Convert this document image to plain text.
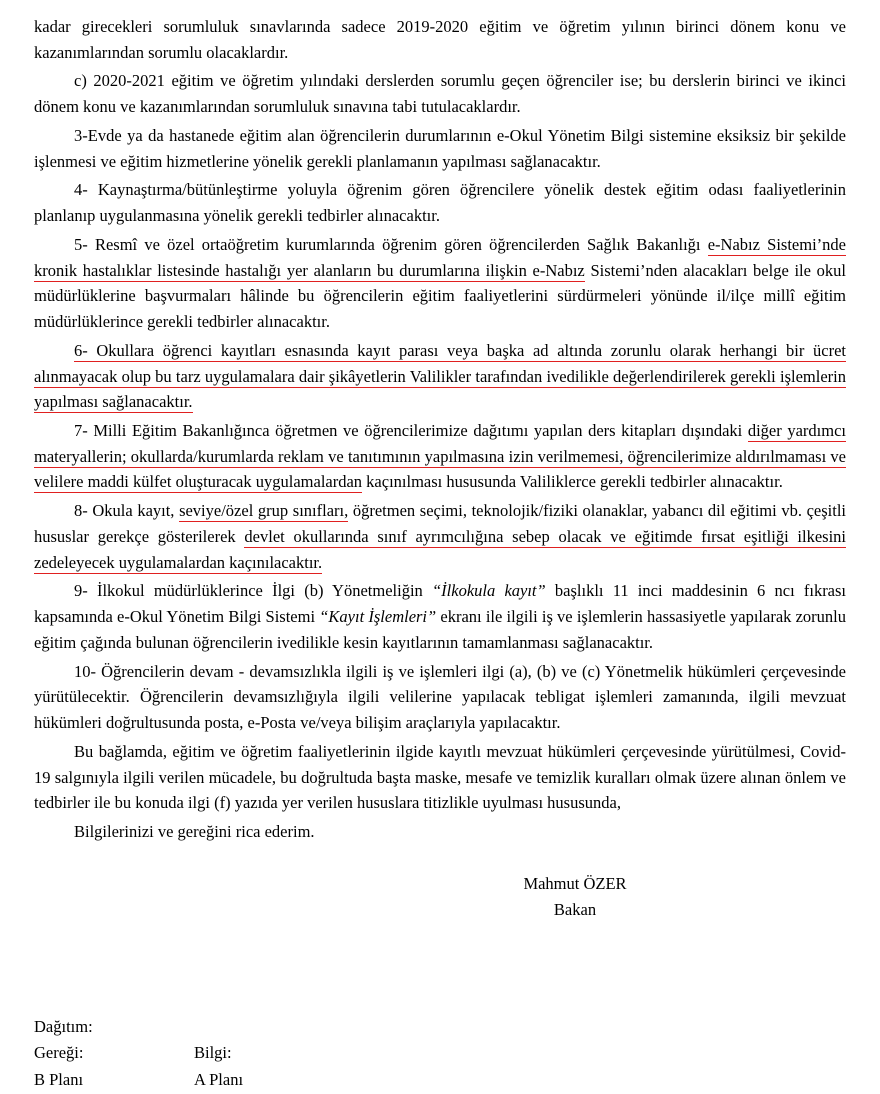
kadar girecekleri sorumluluk sınavlarında sadece 2019-2020 eğitim ve öğretim yılının birinci dönem konu ve kazanımlarından sorumlu olacaklardır.

c) 2020-2021 eğitim ve öğretim yılındaki derslerden sorumlu geçen öğrenciler ise; bu derslerin birinci ve ikinci dönem konu ve kazanımlarından sorumluluk sınavına tabi tutulacaklardır.

3-Evde ya da hastanede eğitim alan öğrencilerin durumlarının e-Okul Yönetim Bilgi sistemine eksiksiz bir şekilde işlenmesi ve eğitim hizmetlerine yönelik gerekli planlamanın yapılması sağlanacaktır.

4- Kaynaştırma/bütünleştirme yoluyla öğrenim gören öğrencilere yönelik destek eğitim odası faaliyetlerinin planlanıp uygulanmasına yönelik gerekli tedbirler alınacaktır.

5- Resmî ve özel ortaöğretim kurumlarında öğrenim gören öğrencilerden Sağlık Bakanlığı e-Nabız Sistemi’nde kronik hastalıklar listesinde hastalığı yer alanların bu durumlarına ilişkin e-Nabız Sistemi’nden alacakları belge ile okul müdürlüklerine başvurmaları hâlinde bu öğrencilerin eğitim faaliyetlerini sürdürmeleri yönünde il/ilçe millî eğitim müdürlüklerince gerekli tedbirler alınacaktır.

6- Okullara öğrenci kayıtları esnasında kayıt parası veya başka ad altında zorunlu olarak herhangi bir ücret alınmayacak olup bu tarz uygulamalara dair şikâyetlerin Valilikler tarafından ivedilikle değerlendirilerek gerekli işlemlerin yapılması sağlanacaktır.

7- Milli Eğitim Bakanlığınca öğretmen ve öğrencilerimize dağıtımı yapılan ders kitapları dışındaki diğer yardımcı materyallerin; okullarda/kurumlarda reklam ve tanıtımının yapılmasına izin verilmemesi, öğrencilerimize aldırılmaması ve velilere maddi külfet oluşturacak uygulamalardan kaçınılması hususunda Valiliklerce gerekli tedbirler alınacaktır.

8- Okula kayıt, seviye/özel grup sınıfları, öğretmen seçimi, teknolojik/fiziki olanaklar, yabancı dil eğitimi vb. çeşitli hususlar gerekçe gösterilerek devlet okullarında sınıf ayrımcılığına sebep olacak ve eğitimde fırsat eşitliği ilkesini zedeleyecek uygulamalardan kaçınılacaktır.

9- İlkokul müdürlüklerince İlgi (b) Yönetmeliğin “İlkokula kayıt” başlıklı 11 inci maddesinin 6 ncı fıkrası kapsamında e-Okul Yönetim Bilgi Sistemi “Kayıt İşlemleri” ekranı ile ilgili iş ve işlemlerin hassasiyetle yapılarak zorunlu eğitim çağında bulunan öğrencilerin ivedilikle kesin kayıtlarının tamamlanması sağlanacaktır.

10- Öğrencilerin devam - devamsızlıkla ilgili iş ve işlemleri ilgi (a), (b) ve (c) Yönetmelik hükümleri çerçevesinde yürütülecektir. Öğrencilerin devamsızlığıyla ilgili velilerine yapılacak tebligat işlemleri zamanında, ilgili mevzuat hükümleri doğrultusunda posta, e-Posta ve/veya bilişim araçlarıyla yapılacaktır.

Bu bağlamda, eğitim ve öğretim faaliyetlerinin ilgide kayıtlı mevzuat hükümleri çerçevesinde yürütülmesi, Covid-19 salgınıyla ilgili verilen mücadele, bu doğrultuda başta maske, mesafe ve temizlik kuralları olmak üzere alınan önlem ve tedbirler ile bu konuda ilgi (f) yazıda yer verilen hususlara titizlikle uyulması hususunda,

Bilgilerinizi ve gereğini rica ederim.

Mahmut ÖZER
Bakan
Dağıtım:
Gereği:	Bilgi:
B Planı	A Planı
